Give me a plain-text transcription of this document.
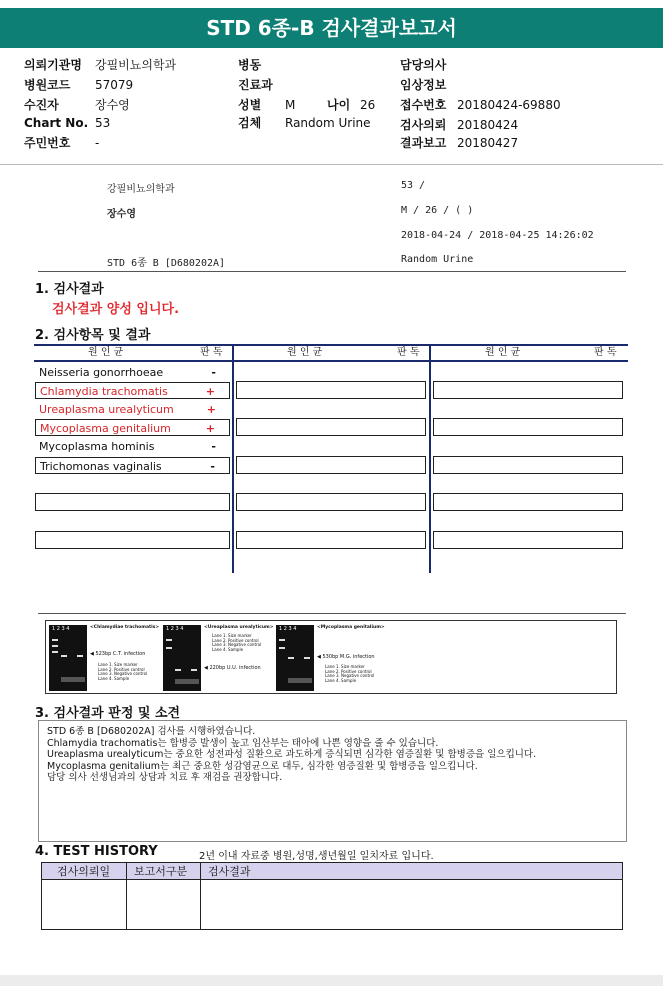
STD 6종-B 검사결과보고서
의뢰기관명 강필비뇨의학과
병원코드 57079
수진자	장수영
Chart No. 53
주민번호 -
병동
진료과
성별 M	나이 26
검체 Random Urine
담당의사
임상정보
접수번호 20180424-69880
검사의뢰 20180424
결과보고 20180427
강필비뇨의학과	53 /
장수영	M / 26 / ( )
2018-04-24 / 2018-04-25 14:26:02
STD 6종 B [D680202A]	Random Urine
1. 검사결과
검사결과 양성 입니다.
2. 검사항목 및 결과
원 인 균	판 독	원 인 균	판 독	원 인 균	판 독
Neisseria gonorrhoeae	-
Chlamydia trachomatis	+
Ureaplasma urealyticum	+
Mycoplasma genitalium	+
Mycoplasma hominis	-
Trichomonas vaginalis	-
1 2 3 4	<Chlamydiae trachomatis>
◀ 523bp C.T. infection
Lane 1. Size marker
Lane 2. Positive control
Lane 3. Negative control
Lane 4. Sample
1 2 3 4	<Ureaplasma urealyticum>
Lane 1. Size marker
Lane 2. Positive control
Lane 3. Negative control
Lane 4. Sample
◀ 220bp U.U. infection
1 2 3 4	<Mycoplasma genitalium>
◀ 530bp M.G. infection
Lane 1. Size marker
Lane 2. Positive control
Lane 3. Negative control
Lane 4. Sample
3. 검사결과 판정 및 소견
STD 6종 B [D680202A] 검사를 시행하였습니다.
Chlamydia trachomatis는 합병증 발생이 높고 임산부는 태아에 나쁜 영향을 줄 수 있습니다.
Ureaplasma urealyticum는 중요한 성전파성 질환으로 과도하게 증식되면 심각한 염증질환 및 합병증을 일으킵니다.
Mycoplasma genitalium는 최근 중요한 성감염균으로 대두, 심각한 염증질환 및 합병증을 일으킵니다.
담당 의사 선생님과의 상담과 치료 후 재검을 권장합니다.
4. TEST HISTORY	2년 이내 자료중 병원,성명,생년월일 일치자료 입니다.
검사의뢰일 보고서구분 검사결과
